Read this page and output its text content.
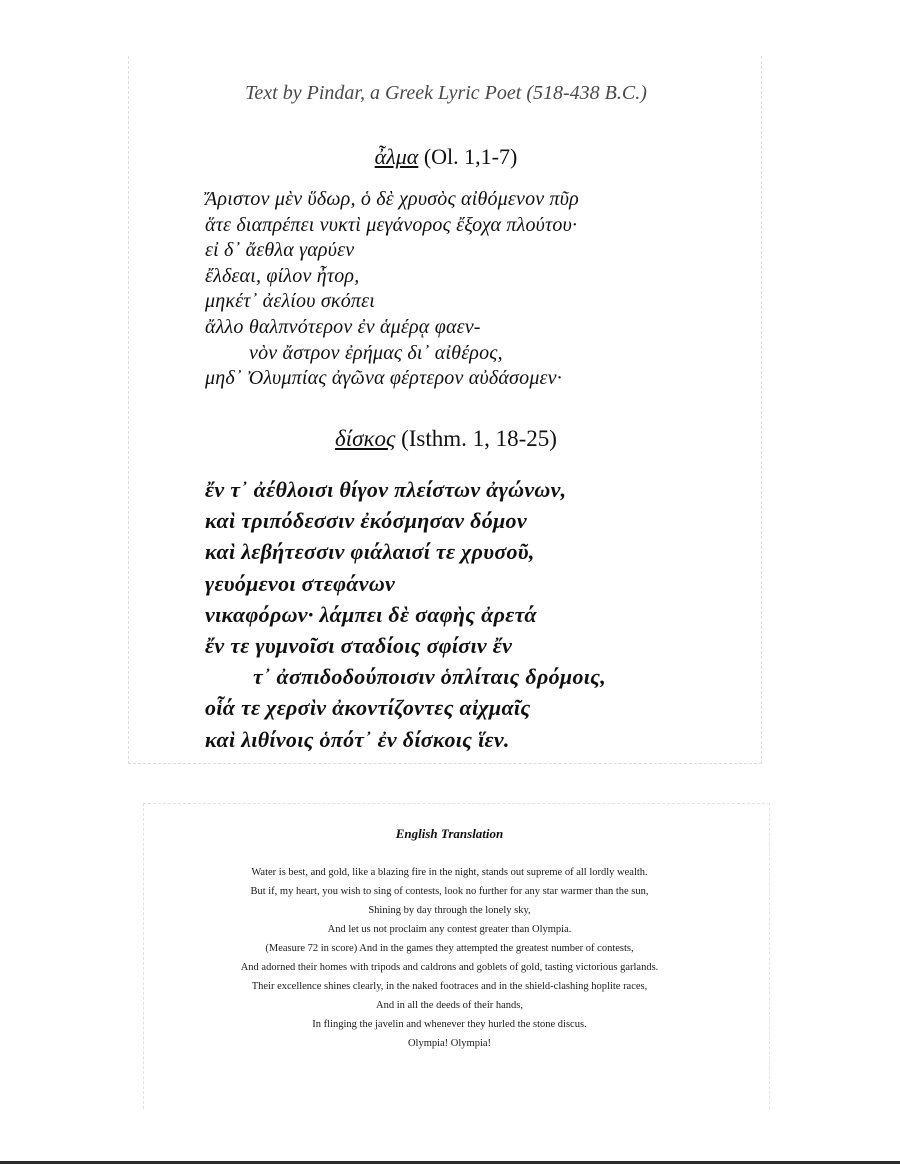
Text by Pindar, a Greek Lyric Poet (518-438 B.C.)
ἆλμα (Ol. 1,1-7)
Ἄριστον μὲν ὕδωρ, ὁ δὲ χρυσὸς αἰθόμενον πῦρ
ἅτε διαπρέπει νυκτὶ μεγάνορος ἔξοχα πλούτου·
εἰ δ᾽ ἄεθλα γαρύεν
ἔλδεαι, φίλον ἦτορ,
μηκέτ᾽ ἀελίου σκόπει
ἄλλο θαλπνότερον ἐν ἁμέρᾳ φαεν-
νὸν ἄστρον ἐρήμας δι᾽ αἰθέρος,
μηδ᾽ Ὀλυμπίας ἀγῶνα φέρτερον αὐδάσομεν·
δίσκος (Isthm. 1, 18-25)
ἔν τ᾽ ἀέθλοισι θίγον πλείστων ἀγώνων,
καὶ τριπόδεσσιν ἐκόσμησαν δόμον
καὶ λεβήτεσσιν φιάλαισί τε χρυσοῦ,
γευόμενοι στεφάνων
νικαφόρων· λάμπει δὲ σαφὴς ἀρετά
ἔν τε γυμνοῖσι σταδίοις σφίσιν ἔν
τ᾽ ἀσπιδοδούποισιν ὁπλίταις δρόμοις,
οἷά τε χερσὶν ἀκοντίζοντες αἰχμαῖς
καὶ λιθίνοις ὁπότ᾽ ἐν δίσκοις ἵεν.
English Translation
Water is best, and gold, like a blazing fire in the night, stands out supreme of all lordly wealth.
But if, my heart, you wish to sing of contests, look no further for any star warmer than the sun,
Shining by day through the lonely sky,
And let us not proclaim any contest greater than Olympia.
(Measure 72 in score) And in the games they attempted the greatest number of contests,
And adorned their homes with tripods and caldrons and goblets of gold, tasting victorious garlands.
Their excellence shines clearly, in the naked footraces and in the shield-clashing hoplite races,
And in all the deeds of their hands,
In flinging the javelin and whenever they hurled the stone discus.
Olympia! Olympia!
